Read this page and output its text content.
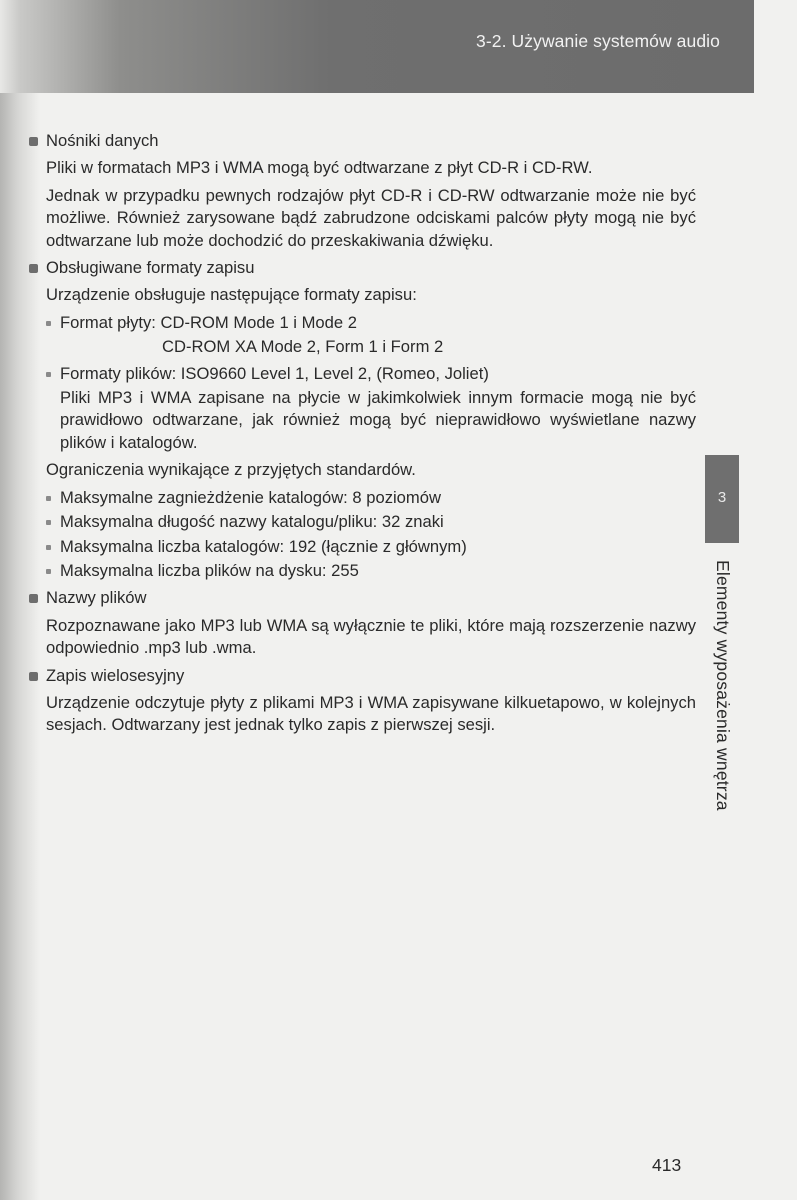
3-2. Używanie systemów audio
Nośniki danych

Pliki w formatach MP3 i WMA mogą być odtwarzane z płyt CD-R i CD-RW.

Jednak w przypadku pewnych rodzajów płyt CD-R i CD-RW odtwarzanie może nie być możliwe. Również zarysowane bądź zabrudzone odciskami palców płyty mogą nie być odtwarzane lub może dochodzić do przeskakiwania dźwięku.

Obsługiwane formaty zapisu

Urządzenie obsługuje następujące formaty zapisu:

Format płyty: CD-ROM Mode 1 i Mode 2
CD-ROM XA Mode 2, Form 1 i Form 2
Formaty plików: ISO9660 Level 1, Level 2, (Romeo, Joliet)

Pliki MP3 i WMA zapisane na płycie w jakimkolwiek innym formacie mogą nie być prawidłowo odtwarzane, jak również mogą być nieprawidłowo wyświetlane nazwy plików i katalogów.

Ograniczenia wynikające z przyjętych standardów.

Maksymalne zagnieżdżenie katalogów: 8 poziomów
Maksymalna długość nazwy katalogu/pliku: 32 znaki
Maksymalna liczba katalogów: 192 (łącznie z głównym)
Maksymalna liczba plików na dysku: 255
Nazwy plików

Rozpoznawane jako MP3 lub WMA są wyłącznie te pliki, które mają rozszerzenie nazwy odpowiednio .mp3 lub .wma.

Zapis wielosesyjny

Urządzenie odczytuje płyty z plikami MP3 i WMA zapisywane kilkuetapowo, w kolejnych sesjach. Odtwarzany jest jednak tylko zapis z pierwszej sesji.

3
Elementy wyposażenia wnętrza
413
